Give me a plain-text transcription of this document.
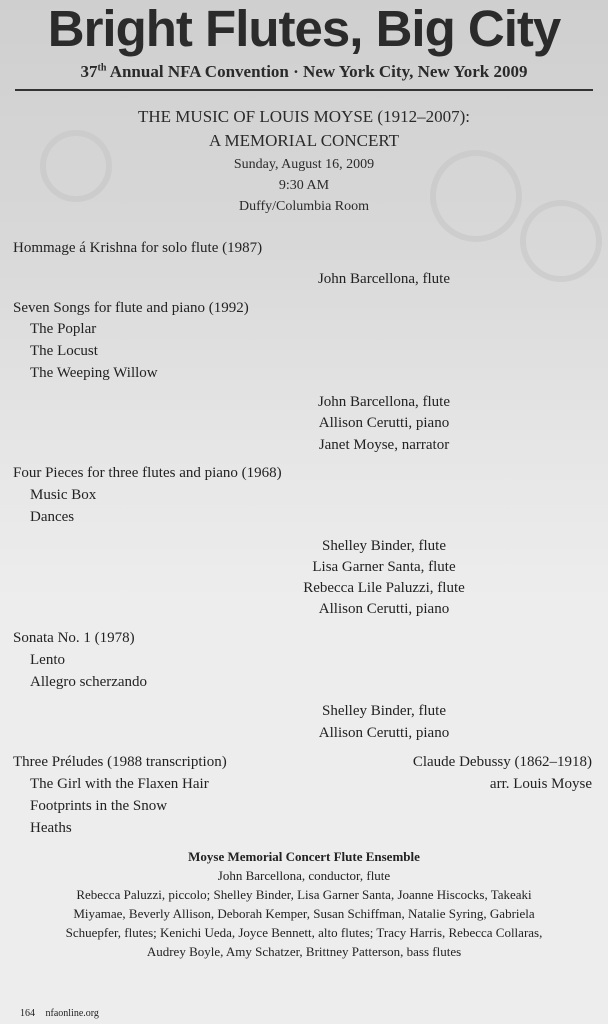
Bright Flutes, Big City
37th Annual NFA Convention · New York City, New York 2009
THE MUSIC OF LOUIS MOYSE (1912–2007):
A MEMORIAL CONCERT
Sunday, August 16, 2009
9:30 AM
Duffy/Columbia Room
Hommage á Krishna for solo flute (1987)
John Barcellona, flute
Seven Songs for flute and piano (1992)
The Poplar
The Locust
The Weeping Willow
John Barcellona, flute
Allison Cerutti, piano
Janet Moyse, narrator
Four Pieces for three flutes and piano (1968)
Music Box
Dances
Shelley Binder, flute
Lisa Garner Santa, flute
Rebecca Lile Paluzzi, flute
Allison Cerutti, piano
Sonata No. 1 (1978)
Lento
Allegro scherzando
Shelley Binder, flute
Allison Cerutti, piano
Three Préludes (1988 transcription)	Claude Debussy (1862–1918)
arr. Louis Moyse
The Girl with the Flaxen Hair
Footprints in the Snow
Heaths
Moyse Memorial Concert Flute Ensemble
John Barcellona, conductor, flute
Rebecca Paluzzi, piccolo; Shelley Binder, Lisa Garner Santa, Joanne Hiscocks, Takeaki
Miyamae, Beverly Allison, Deborah Kemper, Susan Schiffman, Natalie Syring, Gabriela
Schuepfer, flutes; Kenichi Ueda, Joyce Bennett, alto flutes; Tracy Harris, Rebecca Collaras,
Audrey Boyle, Amy Schatzer, Brittney Patterson, bass flutes
164 nfaonline.org
